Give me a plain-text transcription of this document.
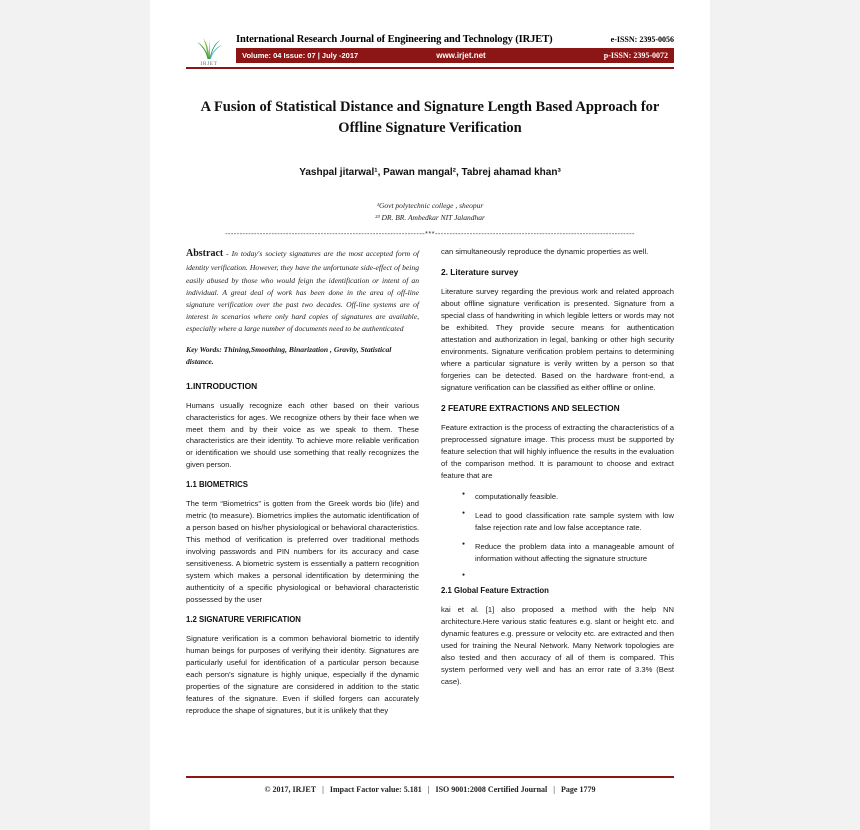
IRJET
International Research Journal of Engineering and Technology (IRJET)	e-ISSN: 2395-0056
Volume: 04 Issue: 07 | July -2017	www.irjet.net	p-ISSN: 2395-0072
A Fusion of Statistical Distance and Signature Length Based Approach for Offline Signature Verification
Yashpal jitarwal¹, Pawan mangal², Tabrej ahamad khan³
¹Govt polytechnic college , sheopur
²³ DR. BR. Ambedkar NIT Jalandhar
---------------------------------------------------------------------***---------------------------------------------------------------------

Abstract - In today's society signatures are the most accepted form of identity verification. However, they have the unfortunate side-effect of being easily abused by those who would feign the identification or intent of an individual. A great deal of work has been done in the area of off-line signature verification over the past two decades. Off-line systems are of interest in scenarios where only hard copies of signatures are available, especially where a large number of documents need to be authenticated

Key Words: Thining,Smoothing, Binarization , Gravity, Statistical distance.

1.INTRODUCTION

Humans usually recognize each other based on their various characteristics for ages. We recognize others by their face when we meet them and by their voice as we speak to them. These characteristics are their identity. To achieve more reliable verification or identification we should use something that really recognizes the given person.

1.1 BIOMETRICS

The term “Biometrics” is gotten from the Greek words bio (life) and metric (to measure). Biometrics implies the automatic identification of a person based on his/her physiological or behavioral characteristics. This method of verification is preferred over traditional methods involving passwords and PIN numbers for its accuracy and case sensitiveness. A biometric system is essentially a pattern recognition system which makes a personal identification by determining the authenticity of a specific physiological or behavioral characteristic possessed by the user

1.2 SIGNATURE VERIFICATION

Signature verification is a common behavioral biometric to identify human beings for purposes of verifying their identity. Signatures are particularly useful for identification of a particular person because each person's signature is highly unique, especially if the dynamic properties of the signature are considered in addition to the static features of the signature. Even if skilled forgers can accurately reproduce the shape of signatures, but it is unlikely that they

can simultaneously reproduce the dynamic properties as well.

2. Literature survey

Literature survey regarding the previous work and related approach about offline signature verification is presented. Signature from a special class of handwriting in which legible letters or words may not be exhibited. They provide secure means for authentication attestation and authorization in legal, banking or other high security environments. Signature verification problem pertains to determining where a particular signature is verily written by a person so that forgeries can be detected. Based on the hardware front-end, a signature verification can be classified as either offline or online.

2 FEATURE EXTRACTIONS AND SELECTION

Feature extraction is the process of extracting the characteristics of a preprocessed signature image. This process must be supported by feature selection that will highly influence the results in the evaluation of the comparison method. It is paramount to choose and extract feature that are

● computationally feasible.
● Lead to good classification rate sample system with low false rejection rate and low false acceptance rate.
● Reduce the problem data into a manageable amount of information without affecting the signature structure
●
2.1 Global Feature Extraction

kai et al. [1] also proposed a method with the help NN architecture.Here various static features e.g. slant or height etc. and dynamic features e.g. pressure or velocity etc. are extracted and then used for training the Neural Network. Many Network topologies are also tested and then accuracy of all of them is compared. This system performed very well and has an error rate of 3.3% (Best case).

© 2017, IRJET | Impact Factor value: 5.181 | ISO 9001:2008 Certified Journal | Page 1779
